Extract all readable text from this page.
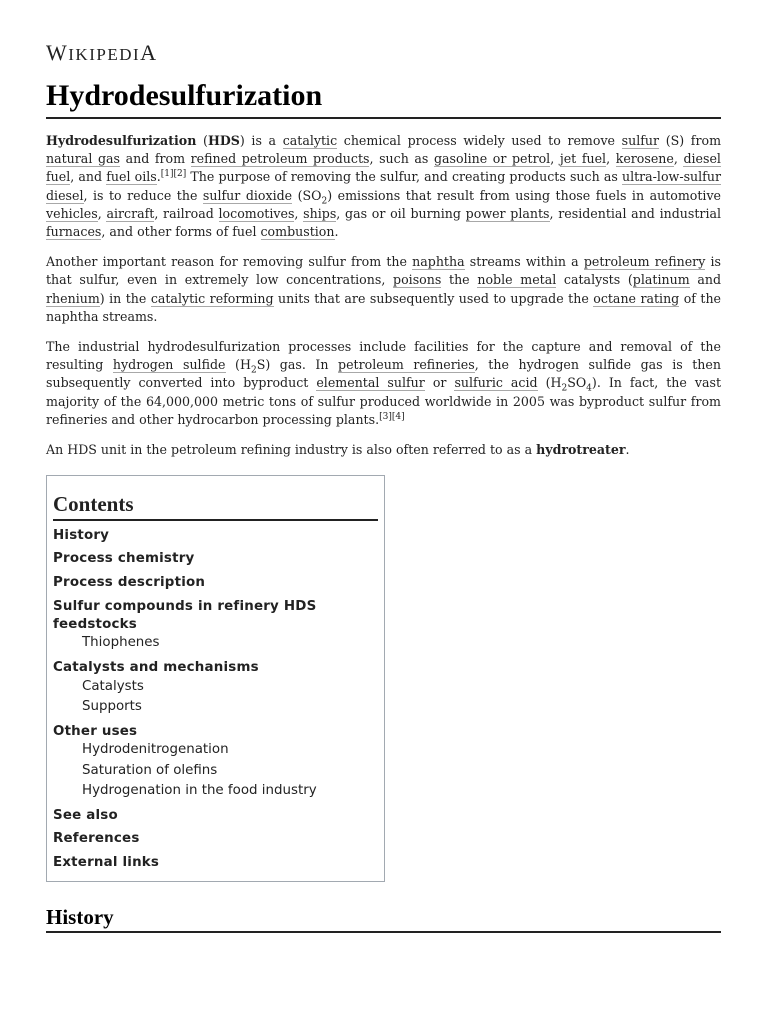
WIKIPEDIA
Hydrodesulfurization

Hydrodesulfurization (HDS) is a catalytic chemical process widely used to remove sulfur (S) from natural gas and from refined petroleum products, such as gasoline or petrol, jet fuel, kerosene, diesel fuel, and fuel oils.[1][2] The purpose of removing the sulfur, and creating products such as ultra-low-sulfur diesel, is to reduce the sulfur dioxide $(SO_2)$ emissions that result from using those fuels in automotive vehicles, aircraft, railroad locomotives, ships, gas or oil burning power plants, residential and industrial furnaces, and other forms of fuel combustion.

Another important reason for removing sulfur from the naphtha streams within a petroleum refinery is that sulfur, even in extremely low concentrations, poisons the noble metal catalysts (platinum and rhenium) in the catalytic reforming units that are subsequently used to upgrade the octane rating of the naphtha streams.

The industrial hydrodesulfurization processes include facilities for the capture and removal of the resulting hydrogen sulfide $(H_2S)$ gas. In petroleum refineries, the hydrogen sulfide gas is then subsequently converted into byproduct elemental sulfur or sulfuric acid $(H_2SO_4)$. In fact, the vast majority of the 64,000,000 metric tons of sulfur produced worldwide in 2005 was byproduct sulfur from refineries and other hydrocarbon processing plants.[3][4]

An HDS unit in the petroleum refining industry is also often referred to as a hydrotreater.

Contents
History
Process chemistry
Process description
Sulfur compounds in refinery HDS feedstocks
Thiophenes
Catalysts and mechanisms
Catalysts
Supports
Other uses
Hydrodenitrogenation
Saturation of olefins
Hydrogenation in the food industry
See also
References
External links
History
